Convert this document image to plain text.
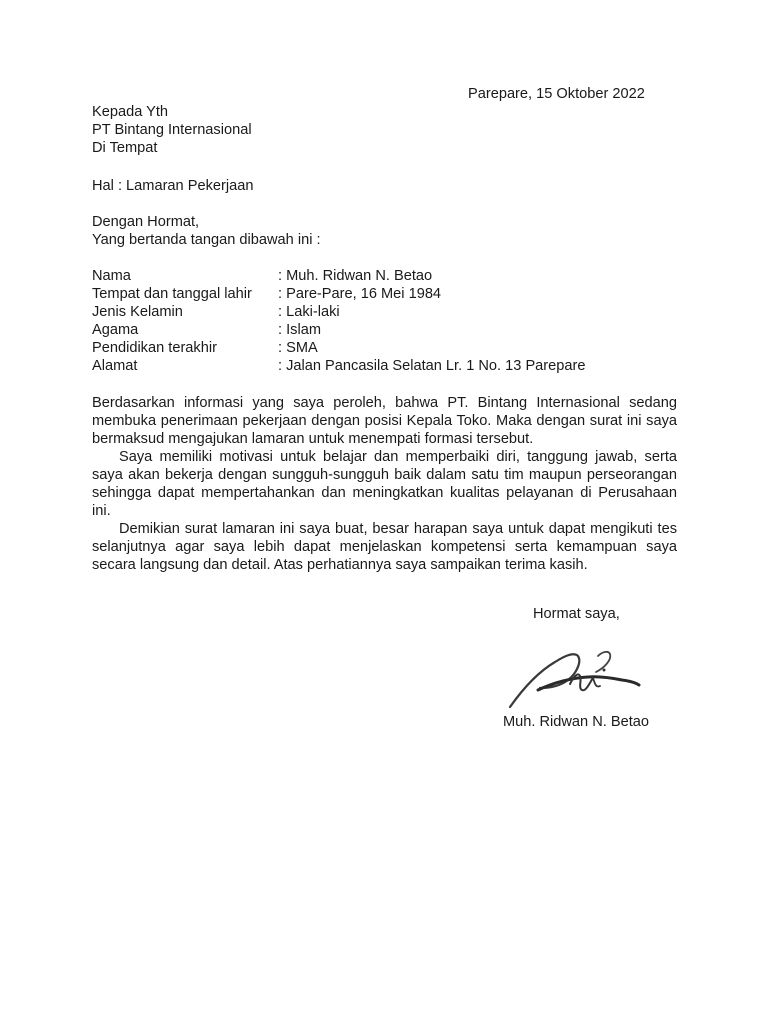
Parepare, 15 Oktober 2022
Kepada Yth
PT Bintang Internasional
Di Tempat
Hal : Lamaran Pekerjaan
Dengan Hormat,
Yang bertanda tangan dibawah ini :
Nama	: Muh. Ridwan N. Betao
Tempat dan tanggal lahir	: Pare-Pare, 16 Mei 1984
Jenis Kelamin	: Laki-laki
Agama	: Islam
Pendidikan terakhir	: SMA
Alamat	: Jalan Pancasila Selatan Lr. 1 No. 13 Parepare

Berdasarkan informasi yang saya peroleh, bahwa PT. Bintang Internasional sedang membuka penerimaan pekerjaan dengan posisi Kepala Toko. Maka dengan surat ini saya bermaksud mengajukan lamaran untuk menempati formasi tersebut.

Saya memiliki motivasi untuk belajar dan memperbaiki diri, tanggung jawab, serta saya akan bekerja dengan sungguh-sungguh baik dalam satu tim maupun perseorangan sehingga dapat mempertahankan dan meningkatkan kualitas pelayanan di Perusahaan ini.

Demikian surat lamaran ini saya buat, besar harapan saya untuk dapat mengikuti tes selanjutnya agar saya lebih dapat menjelaskan kompetensi serta kemampuan saya secara langsung dan detail. Atas perhatiannya saya sampaikan terima kasih.

Hormat saya,
Muh. Ridwan N. Betao
